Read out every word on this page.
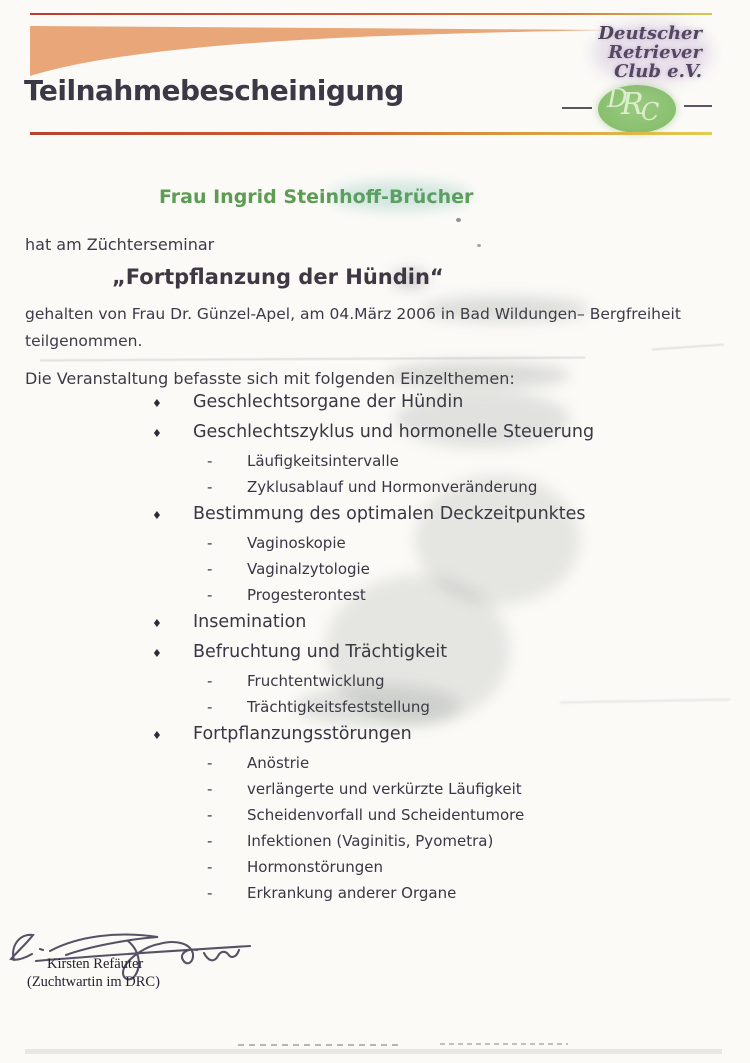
Teilnahmebescheinigung
Deutscher
Retriever
Club e.V.
D
R
C
Frau Ingrid Steinhoff-Brücher
hat am Züchterseminar
„Fortpflanzung der Hündin“
gehalten von Frau Dr. Günzel-Apel, am 04.März 2006 in Bad Wildungen– Bergfreiheit
teilgenommen.
Die Veranstaltung befasste sich mit folgenden Einzelthemen:
♦ Geschlechtsorgane der Hündin
♦ Geschlechtszyklus und hormonelle Steuerung
- Läufigkeitsintervalle
- Zyklusablauf und Hormonveränderung
♦ Bestimmung des optimalen Deckzeitpunktes
- Vaginoskopie
- Vaginalzytologie
- Progesterontest
♦ Insemination
♦ Befruchtung und Trächtigkeit
- Fruchtentwicklung
- Trächtigkeitsfeststellung
♦ Fortpflanzungsstörungen
- Anöstrie
- verlängerte und verkürzte Läufigkeit
- Scheidenvorfall und Scheidentumore
- Infektionen (Vaginitis, Pyometra)
- Hormonstörungen
- Erkrankung anderer Organe
Kirsten Refäuter
(Zuchtwartin im DRC)
